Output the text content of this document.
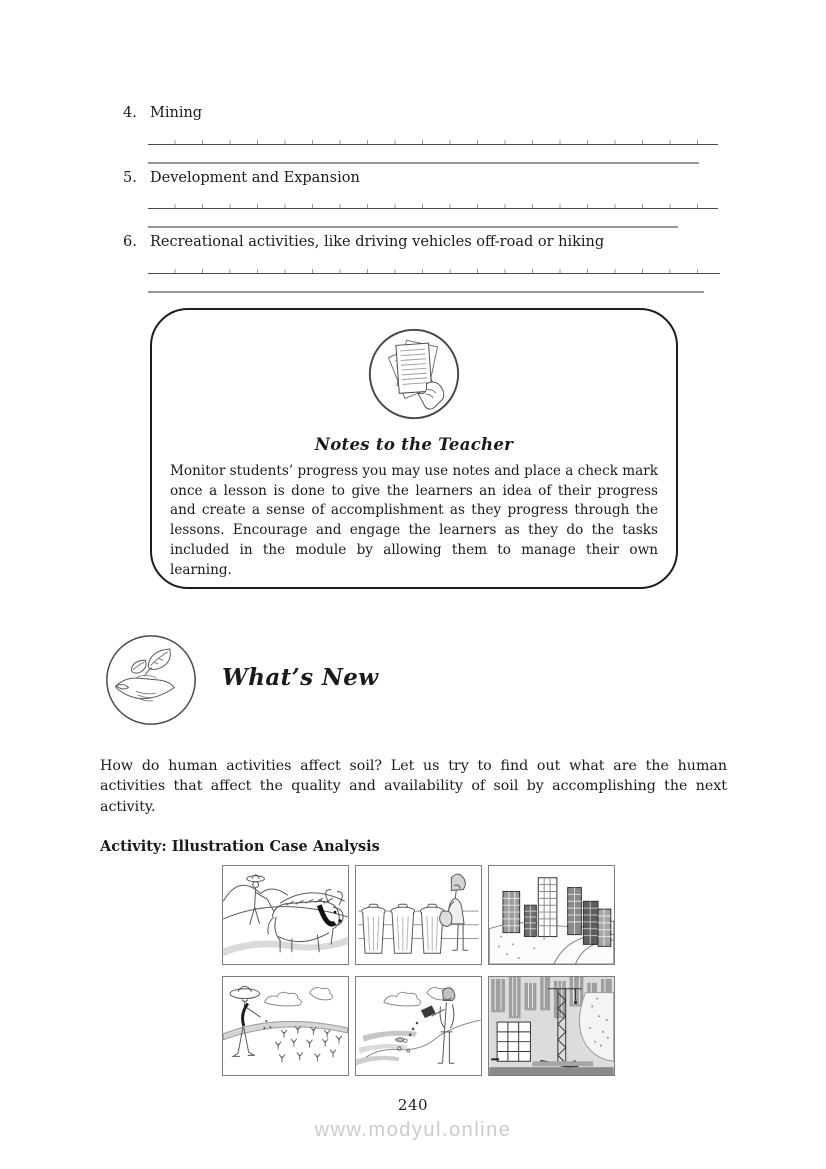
4. Mining
5. Development and Expansion
6. Recreational activities, like driving vehicles off-road or hiking
Notes to the Teacher

Monitor students’ progress you may use notes and place a check mark once a lesson is done to give the learners an idea of their progress and create a sense of accomplishment as they progress through the lessons. Encourage and engage the learners as they do the tasks included in the module by allowing them to manage their own learning.

What’s New

How do human activities affect soil? Let us try to find out what are the human activities that affect the quality and availability of soil by accomplishing the next activity.

Activity: Illustration Case Analysis
240
www.modyul.online
